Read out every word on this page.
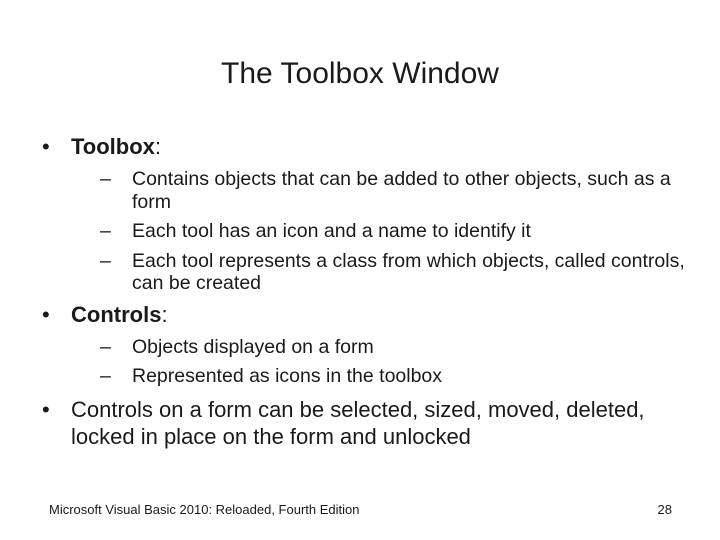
The Toolbox Window
• Toolbox:
– Contains objects that can be added to other objects, such as a form
– Each tool has an icon and a name to identify it
– Each tool represents a class from which objects, called controls, can be created
• Controls:
– Objects displayed on a form
– Represented as icons in the toolbox
• Controls on a form can be selected, sized, moved, deleted, locked in place on the form and unlocked
Microsoft Visual Basic 2010: Reloaded, Fourth Edition	28
